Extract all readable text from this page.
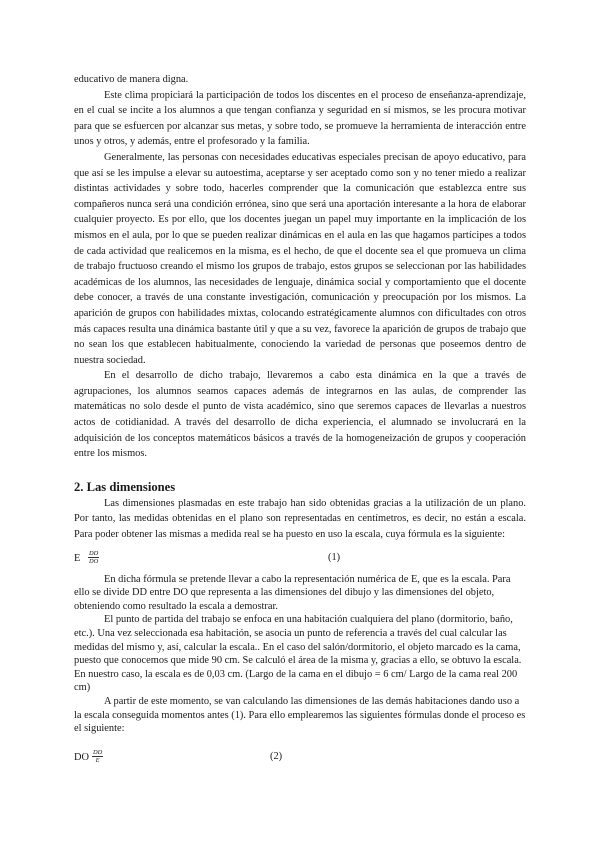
educativo de manera digna.

Este clima propiciará la participación de todos los discentes en el proceso de enseñanza-aprendizaje, en el cual se incite a los alumnos a que tengan confianza y seguridad en sí mismos, se les procura motivar para que se esfuercen por alcanzar sus metas, y sobre todo, se promueve la herramienta de interacción entre unos y otros, y además, entre el profesorado y la familia.

Generalmente, las personas con necesidades educativas especiales precisan de apoyo educativo, para que así se les impulse a elevar su autoestima, aceptarse y ser aceptado como son y no tener miedo a realizar distintas actividades y sobre todo, hacerles comprender que la comunicación que establezca entre sus compañeros nunca será una condición errónea, sino que será una aportación interesante a la hora de elaborar cualquier proyecto. Es por ello, que los docentes juegan un papel muy importante en la implicación de los mismos en el aula, por lo que se pueden realizar dinámicas en el aula en las que hagamos partícipes a todos de cada actividad que realicemos en la misma, es el hecho, de que el docente sea el que promueva un clima de trabajo fructuoso creando el mismo los grupos de trabajo, estos grupos se seleccionan por las habilidades académicas de los alumnos, las necesidades de lenguaje, dinámica social y comportamiento que el docente debe conocer, a través de una constante investigación, comunicación y preocupación por los mismos. La aparición de grupos con habilidades mixtas, colocando estratégicamente alumnos con dificultades con otros más capaces resulta una dinámica bastante útil y que a su vez, favorece la aparición de grupos de trabajo que no sean los que establecen habitualmente, conociendo la variedad de personas que poseemos dentro de nuestra sociedad.

En el desarrollo de dicho trabajo, llevaremos a cabo esta dinámica en la que a través de agrupaciones, los alumnos seamos capaces además de integrarnos en las aulas, de comprender las matemáticas no solo desde el punto de vista académico, sino que seremos capaces de llevarlas a nuestros actos de cotidianidad. A través del desarrollo de dicha experiencia, el alumnado se involucrará en la adquisición de los conceptos matemáticos básicos a través de la homogeneización de grupos y cooperación entre los mismos.

2. Las dimensiones

Las dimensiones plasmadas en este trabajo han sido obtenidas gracias a la utilización de un plano. Por tanto, las medidas obtenidas en el plano son representadas en centímetros, es decir, no están a escala. Para poder obtener las mismas a medida real se ha puesto en uso la escala, cuya fórmula es la siguiente:

E $\frac{DD}{DO}$	(1)

En dicha fórmula se pretende llevar a cabo la representación numérica de E, que es la escala. Para ello se divide DD entre DO que representa a las dimensiones del dibujo y las dimensiones del objeto, obteniendo como resultado la escala a demostrar.

El punto de partida del trabajo se enfoca en una habitación cualquiera del plano (dormitorio, baño, etc.). Una vez seleccionada esa habitación, se asocia un punto de referencia a través del cual calcular las medidas del mismo y, así, calcular la escala.. En el caso del salón/dormitorio, el objeto marcado es la cama, puesto que conocemos que mide 90 cm. Se calculó el área de la misma y, gracias a ello, se obtuvo la escala. En nuestro caso, la escala es de 0,03 cm. (Largo de la cama en el dibujo = 6 cm/ Largo de la cama real 200 cm)

A partir de este momento, se van calculando las dimensiones de las demás habitaciones dando uso a la escala conseguida momentos antes (1). Para ello emplearemos las siguientes fórmulas donde el proceso es el siguiente:

DO $\frac{DD}{E}$	(2)
